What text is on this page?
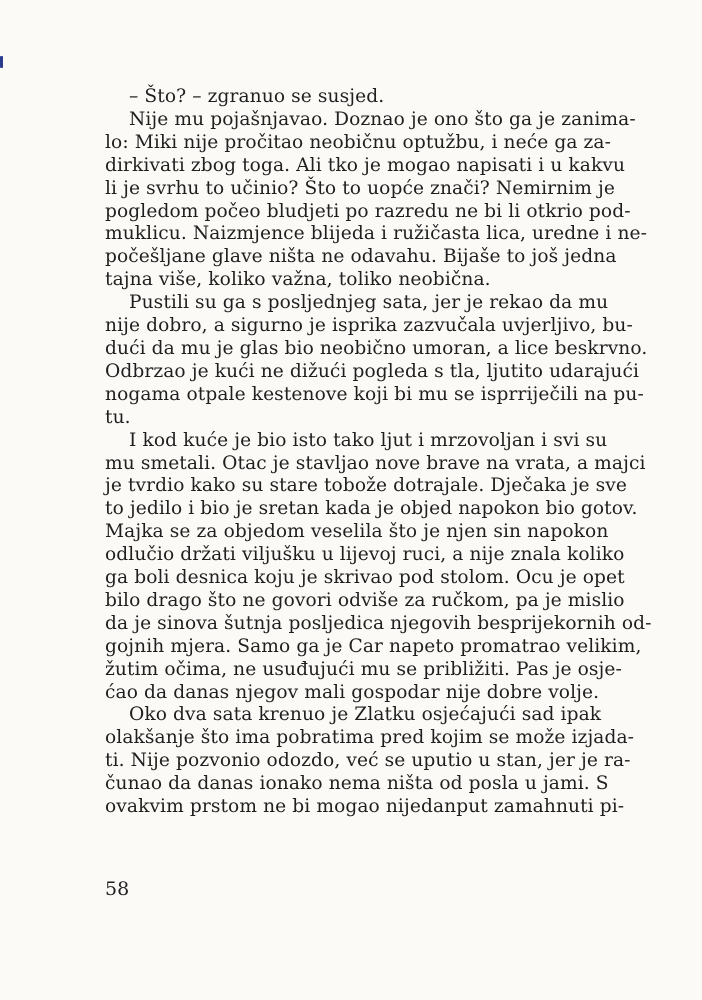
– Što? – zgranuo se susjed.
Nije mu pojašnjavao. Doznao je ono što ga je zanima-
lo: Miki nije pročitao neobičnu optužbu, i neće ga za-
dirkivati zbog toga. Ali tko je mogao napisati i u kakvu
li je svrhu to učinio? Što to uopće znači? Nemirnim je
pogledom počeo bludjeti po razredu ne bi li otkrio pod-
muklicu. Naizmjence blijeda i ružičasta lica, uredne i ne-
počešljane glave ništa ne odavahu. Bijaše to još jedna
tajna više, koliko važna, toliko neobična.
Pustili su ga s posljednjeg sata, jer je rekao da mu
nije dobro, a sigurno je isprika zazvučala uvjerljivo, bu-
dući da mu je glas bio neobično umoran, a lice beskrvno.
Odbrzao je kući ne dižući pogleda s tla, ljutito udarajući
nogama otpale kestenove koji bi mu se isprriječili na pu-
tu.
I kod kuće je bio isto tako ljut i mrzovoljan i svi su
mu smetali. Otac je stavljao nove brave na vrata, a majci
je tvrdio kako su stare tobože dotrajale. Dječaka je sve
to jedilo i bio je sretan kada je objed napokon bio gotov.
Majka se za objedom veselila što je njen sin napokon
odlučio držati viljušku u lijevoj ruci, a nije znala koliko
ga boli desnica koju je skrivao pod stolom. Ocu je opet
bilo drago što ne govori odviše za ručkom, pa je mislio
da je sinova šutnja posljedica njegovih besprijekornih od-
gojnih mjera. Samo ga je Car napeto promatrao velikim,
žutim očima, ne usuđujući mu se približiti. Pas je osje-
ćao da danas njegov mali gospodar nije dobre volje.
Oko dva sata krenuo je Zlatku osjećajući sad ipak
olakšanje što ima pobratima pred kojim se može izjada-
ti. Nije pozvonio odozdo, već se uputio u stan, jer je ra-
čunao da danas ionako nema ništa od posla u jami. S
ovakvim prstom ne bi mogao nijedanput zamahnuti pi-
58
